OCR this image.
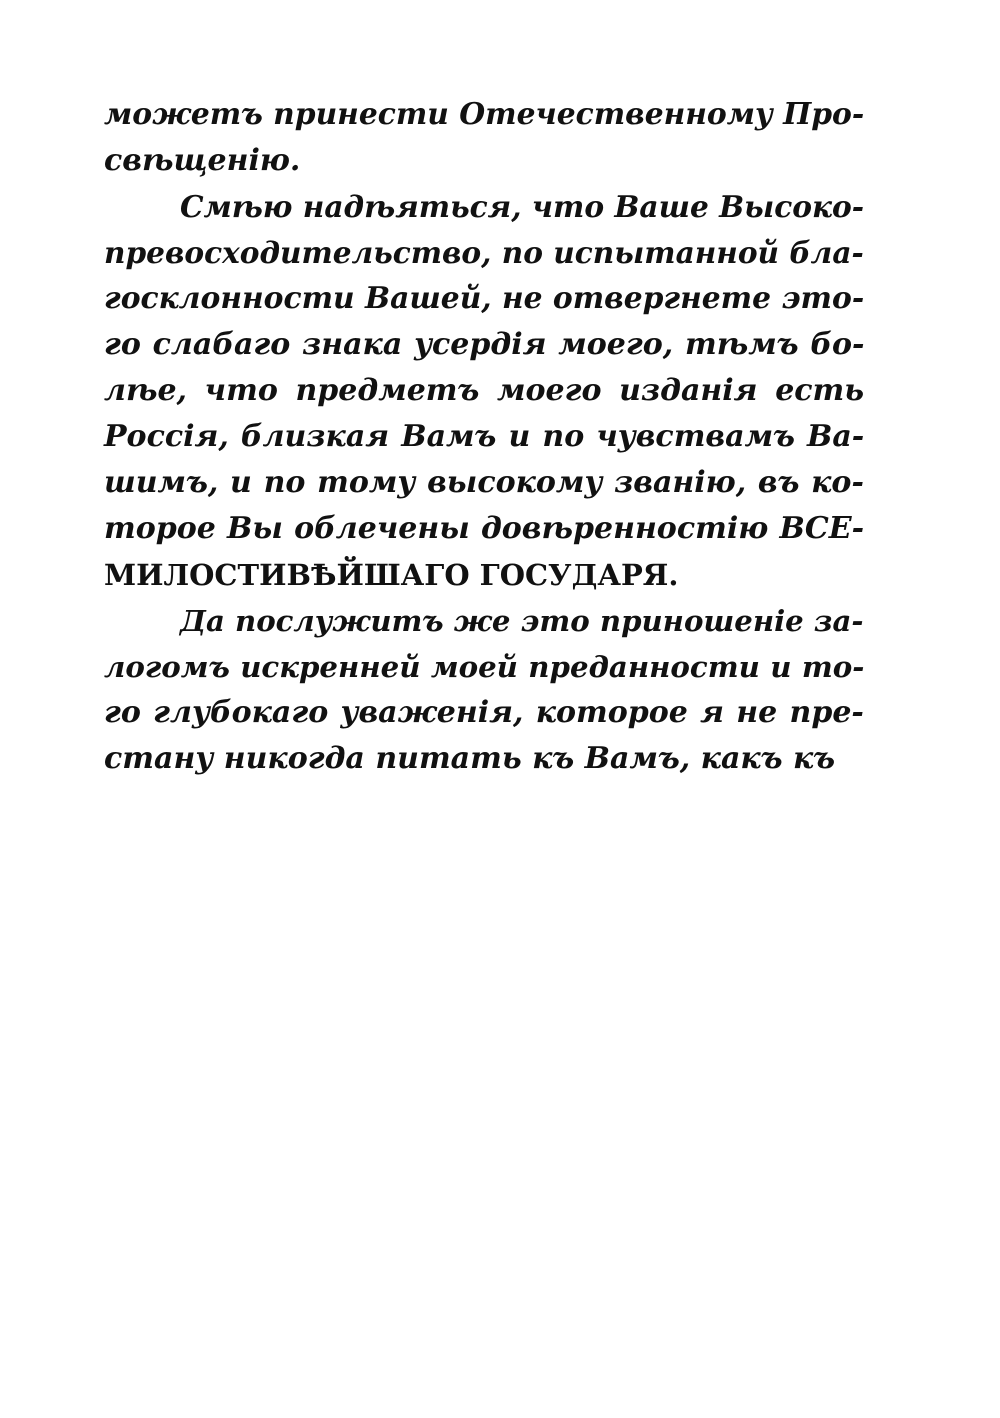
можетъ принести Отечественному Про-
свѣщенію.
Смѣю надѣяться, что Ваше Высоко-
превосходительство, по испытанной бла-
госклонности Вашей, не отвергнете это-
го слабаго знака усердія моего, тѣмъ бо-
лѣе, что предметъ моего изданія есть
Россія, близкая Вамъ и по чувствамъ Ва-
шимъ, и по тому высокому званію, въ ко-
торое Вы облечены довѣренностію ВСЕ-
МИЛОСТИВѢЙШАГО ГОСУДАРЯ.
Да послужитъ же это приношеніе за-
логомъ искренней моей преданности и то-
го глубокаго уваженія, которое я не пре-
стану никогда питать къ Вамъ, какъ къ
